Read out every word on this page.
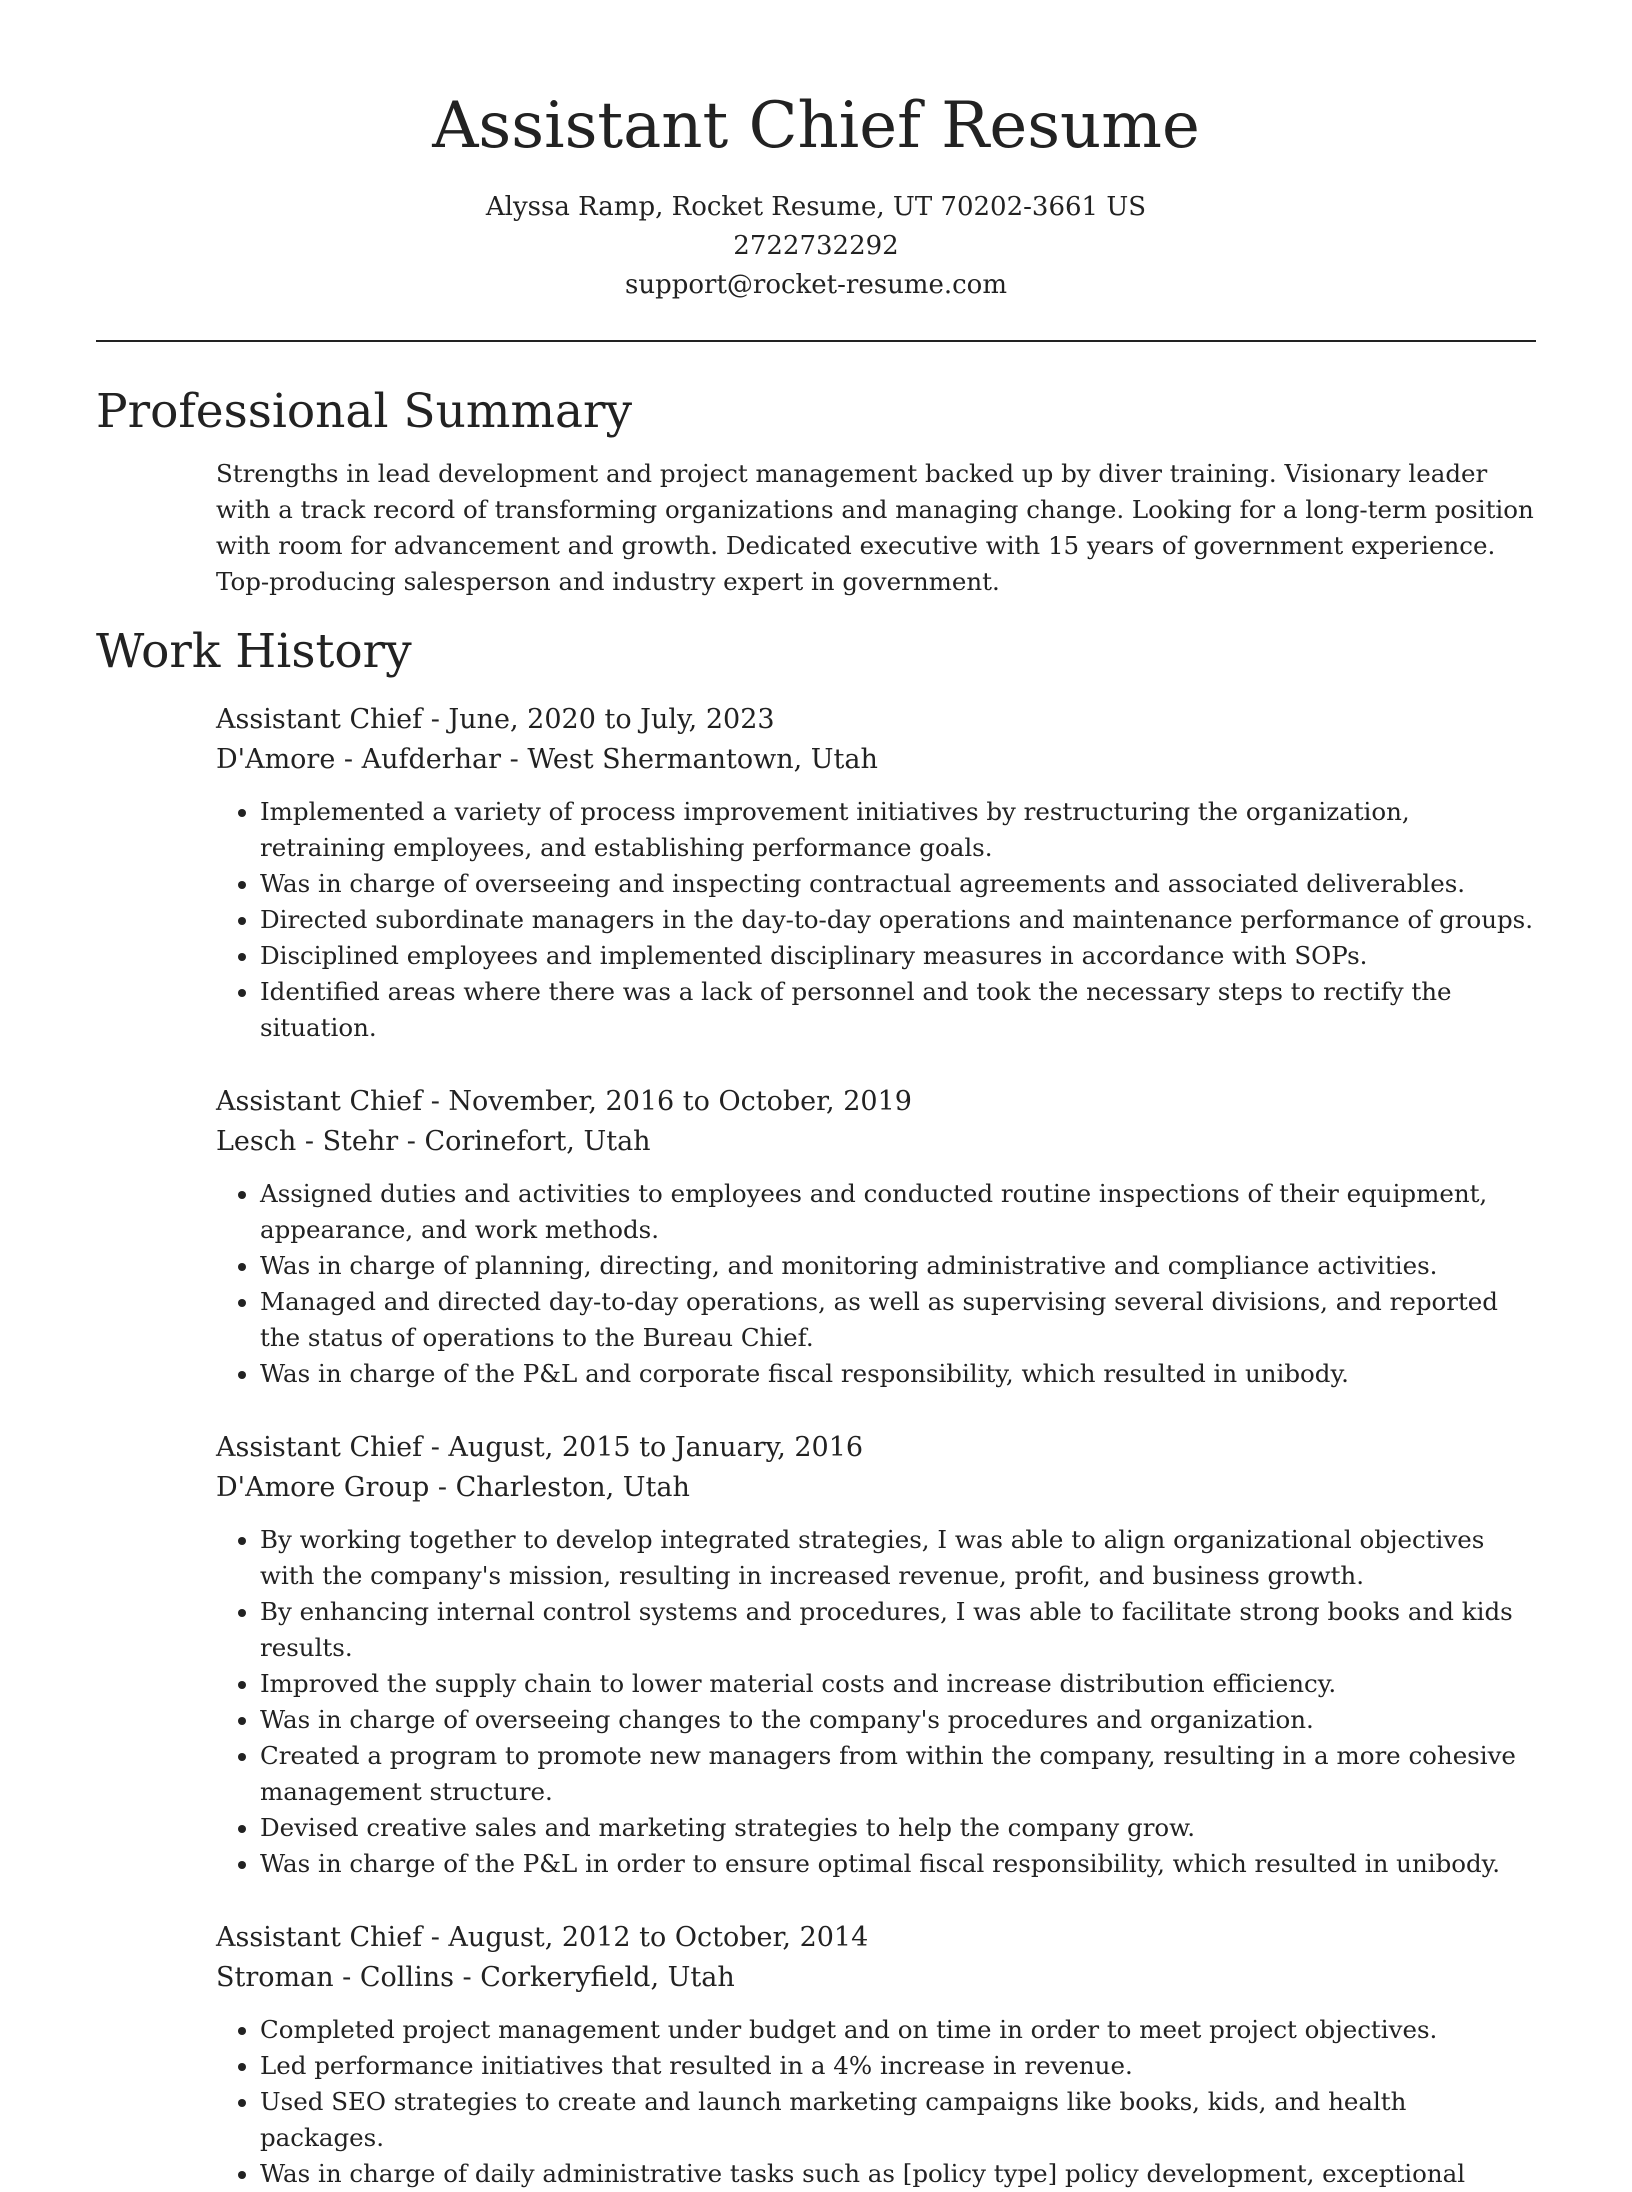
Assistant Chief Resume
Alyssa Ramp, Rocket Resume, UT 70202-3661 US
2722732292
support@rocket-resume.com
Professional Summary

Strengths in lead development and project management backed up by diver training. Visionary leader with a track record of transforming organizations and managing change. Looking for a long-term position with room for advancement and growth. Dedicated executive with 15 years of government experience. Top-producing salesperson and industry expert in government.

Work History
Assistant Chief - June, 2020 to July, 2023
D'Amore - Aufderhar - West Shermantown, Utah
• Implemented a variety of process improvement initiatives by restructuring the organization, retraining employees, and establishing performance goals.
• Was in charge of overseeing and inspecting contractual agreements and associated deliverables.
• Directed subordinate managers in the day-to-day operations and maintenance performance of groups.
• Disciplined employees and implemented disciplinary measures in accordance with SOPs.
• Identified areas where there was a lack of personnel and took the necessary steps to rectify the situation.
Assistant Chief - November, 2016 to October, 2019
Lesch - Stehr - Corinefort, Utah
• Assigned duties and activities to employees and conducted routine inspections of their equipment, appearance, and work methods.
• Was in charge of planning, directing, and monitoring administrative and compliance activities.
• Managed and directed day-to-day operations, as well as supervising several divisions, and reported the status of operations to the Bureau Chief.
• Was in charge of the P&L and corporate fiscal responsibility, which resulted in unibody.
Assistant Chief - August, 2015 to January, 2016
D'Amore Group - Charleston, Utah
• By working together to develop integrated strategies, I was able to align organizational objectives with the company's mission, resulting in increased revenue, profit, and business growth.
• By enhancing internal control systems and procedures, I was able to facilitate strong books and kids results.
• Improved the supply chain to lower material costs and increase distribution efficiency.
• Was in charge of overseeing changes to the company's procedures and organization.
• Created a program to promote new managers from within the company, resulting in a more cohesive management structure.
• Devised creative sales and marketing strategies to help the company grow.
• Was in charge of the P&L in order to ensure optimal fiscal responsibility, which resulted in unibody.
Assistant Chief - August, 2012 to October, 2014
Stroman - Collins - Corkeryfield, Utah
• Completed project management under budget and on time in order to meet project objectives.
• Led performance initiatives that resulted in a 4% increase in revenue.
• Used SEO strategies to create and launch marketing campaigns like books, kids, and health packages.
• Was in charge of daily administrative tasks such as [policy type] policy development, exceptional
